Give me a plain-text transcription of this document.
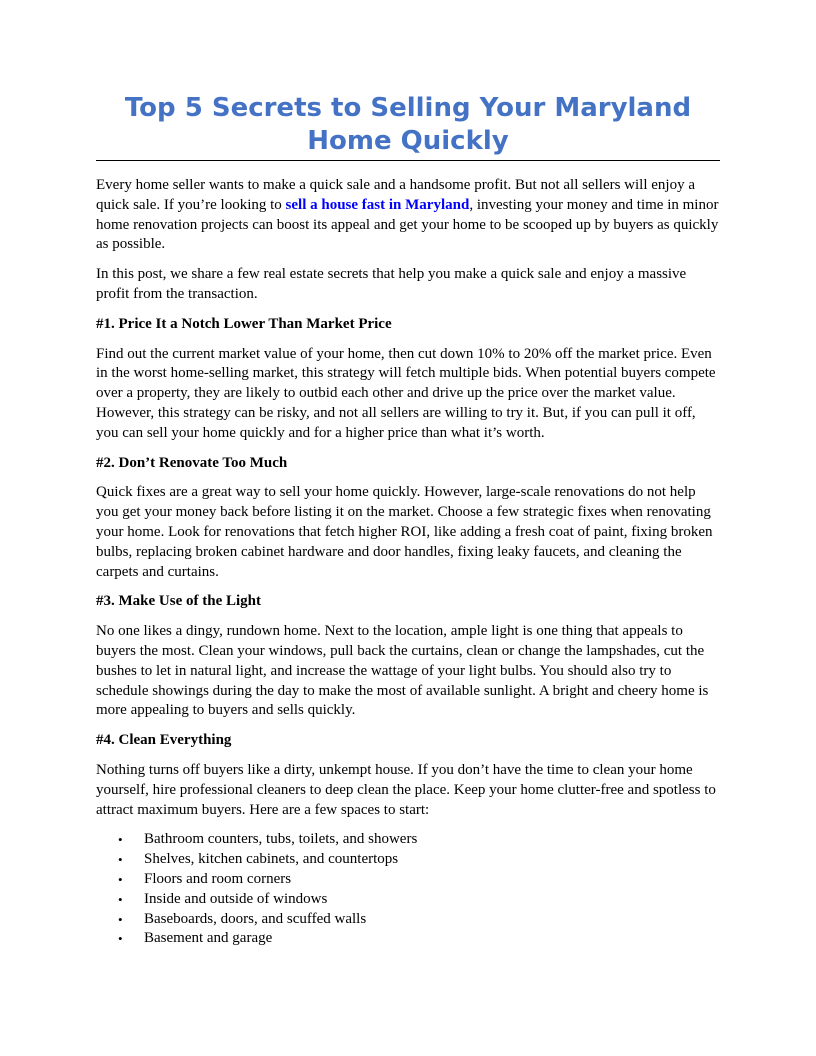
Top 5 Secrets to Selling Your Maryland
Home Quickly

Every home seller wants to make a quick sale and a handsome profit. But not all sellers will enjoy a quick sale. If you’re looking to sell a house fast in Maryland, investing your money and time in minor home renovation projects can boost its appeal and get your home to be scooped up by buyers as quickly as possible.

In this post, we share a few real estate secrets that help you make a quick sale and enjoy a massive profit from the transaction.

#1. Price It a Notch Lower Than Market Price

Find out the current market value of your home, then cut down 10% to 20% off the market price. Even in the worst home-selling market, this strategy will fetch multiple bids. When potential buyers compete over a property, they are likely to outbid each other and drive up the price over the market value. However, this strategy can be risky, and not all sellers are willing to try it. But, if you can pull it off, you can sell your home quickly and for a higher price than what it’s worth.

#2. Don’t Renovate Too Much

Quick fixes are a great way to sell your home quickly. However, large-scale renovations do not help you get your money back before listing it on the market. Choose a few strategic fixes when renovating your home. Look for renovations that fetch higher ROI, like adding a fresh coat of paint, fixing broken bulbs, replacing broken cabinet hardware and door handles, fixing leaky faucets, and cleaning the carpets and curtains.

#3. Make Use of the Light

No one likes a dingy, rundown home. Next to the location, ample light is one thing that appeals to buyers the most. Clean your windows, pull back the curtains, clean or change the lampshades, cut the bushes to let in natural light, and increase the wattage of your light bulbs. You should also try to schedule showings during the day to make the most of available sunlight. A bright and cheery home is more appealing to buyers and sells quickly.

#4. Clean Everything

Nothing turns off buyers like a dirty, unkempt house. If you don’t have the time to clean your home yourself, hire professional cleaners to deep clean the place. Keep your home clutter-free and spotless to attract maximum buyers. Here are a few spaces to start:

• Bathroom counters, tubs, toilets, and showers
• Shelves, kitchen cabinets, and countertops
• Floors and room corners
• Inside and outside of windows
• Baseboards, doors, and scuffed walls
• Basement and garage
